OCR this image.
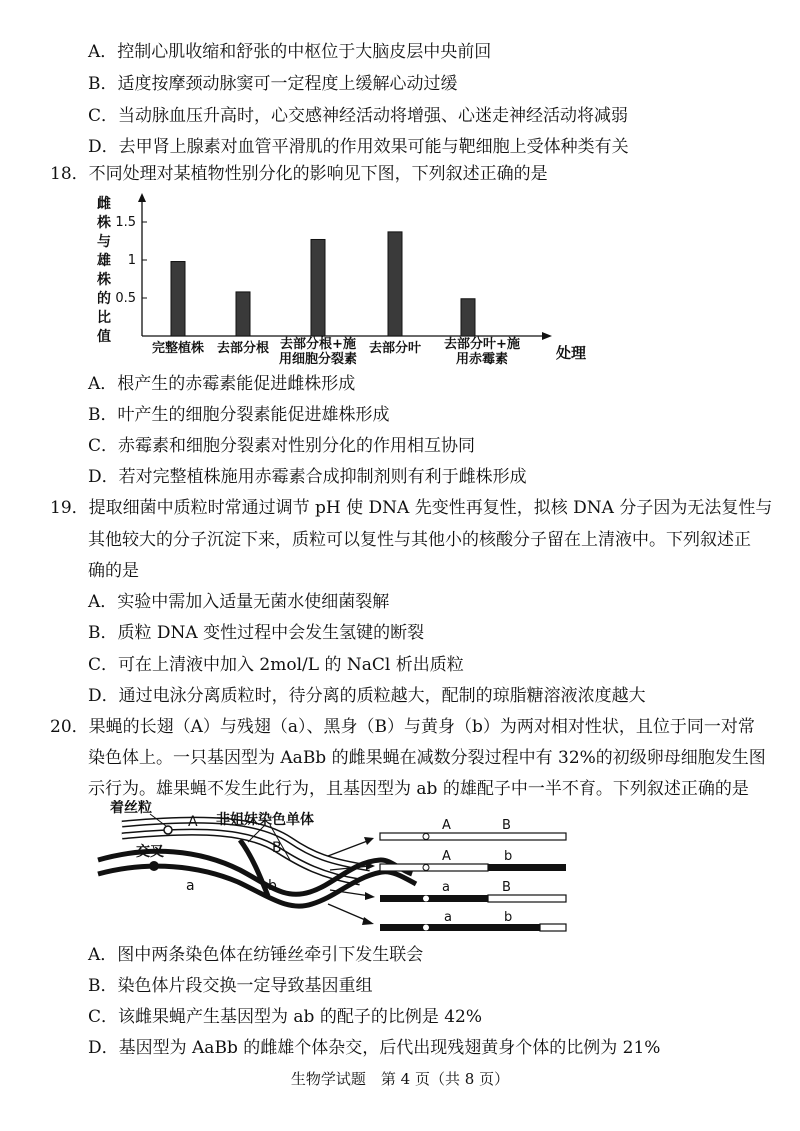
A．控制心肌收缩和舒张的中枢位于大脑皮层中央前回
B．适度按摩颈动脉窦可一定程度上缓解心动过缓
C．当动脉血压升高时，心交感神经活动将增强、心迷走神经活动将减弱
D．去甲肾上腺素对血管平滑肌的作用效果可能与靶细胞上受体种类有关
18．不同处理对某植物性别分化的影响见下图，下列叙述正确的是
雌株与雄株的比值
0.5
1
1.5
完整植株 去部分根 去部分根+施
用细胞分裂素
去部分叶 去部分叶+施
用赤霉素	处理
A．根产生的赤霉素能促进雌株形成
B．叶产生的细胞分裂素能促进雄株形成
C．赤霉素和细胞分裂素对性别分化的作用相互协同
D．若对完整植株施用赤霉素合成抑制剂则有利于雌株形成
19．提取细菌中质粒时常通过调节 pH 使 DNA 先变性再复性，拟核 DNA 分子因为无法复性与
其他较大的分子沉淀下来，质粒可以复性与其他小的核酸分子留在上清液中。下列叙述正
确的是
A．实验中需加入适量无菌水使细菌裂解
B．质粒 DNA 变性过程中会发生氢键的断裂
C．可在上清液中加入 2mol/L 的 NaCl 析出质粒
D．通过电泳分离质粒时，待分离的质粒越大，配制的琼脂糖溶液浓度越大
20．果蝇的长翅（A）与残翅（a）、黑身（B）与黄身（b）为两对相对性状，且位于同一对常
染色体上。一只基因型为 AaBb 的雌果蝇在减数分裂过程中有 32%的初级卵母细胞发生图
示行为。雄果蝇不发生此行为，且基因型为 ab 的雄配子中一半不育。下列叙述正确的是
着丝粒
非姐妹染色单体
交叉
A
B
a	b
A	B
A	b
a	B
a	b
A．图中两条染色体在纺锤丝牵引下发生联会
B．染色体片段交换一定导致基因重组
C．该雌果蝇产生基因型为 ab 的配子的比例是 42%
D．基因型为 AaBb 的雌雄个体杂交，后代出现残翅黄身个体的比例为 21%
生物学试题　第 4 页（共 8 页）
